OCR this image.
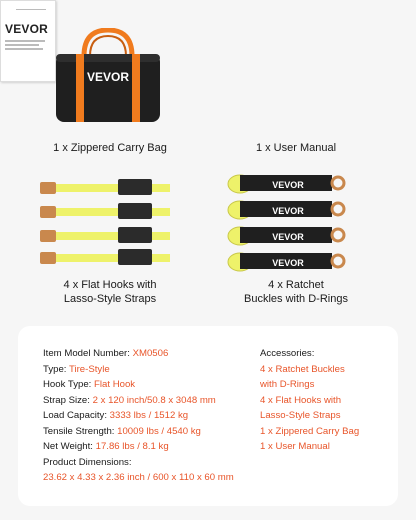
VEVOR
VEVOR
1 x Zippered Carry Bag	1 x User Manual
VEVOR
VEVOR
VEVOR
VEVOR
4 x Flat Hooks with
Lasso-Style Straps
4 x Ratchet
Buckles with D-Rings
Item Model Number: XM0506
Type: Tire-Style
Hook Type: Flat Hook
Strap Size: 2 x 120 inch/50.8 x 3048 mm
Load Capacity: 3333 lbs / 1512 kg
Tensile Strength: 10009 lbs / 4540 kg
Net Weight: 17.86 lbs / 8.1 kg
Product Dimensions:
23.62 x 4.33 x 2.36 inch / 600 x 110 x 60 mm
Accessories:
4 x Ratchet Buckles
with D-Rings
4 x Flat Hooks with
Lasso-Style Straps
1 x Zippered Carry Bag
1 x User Manual
